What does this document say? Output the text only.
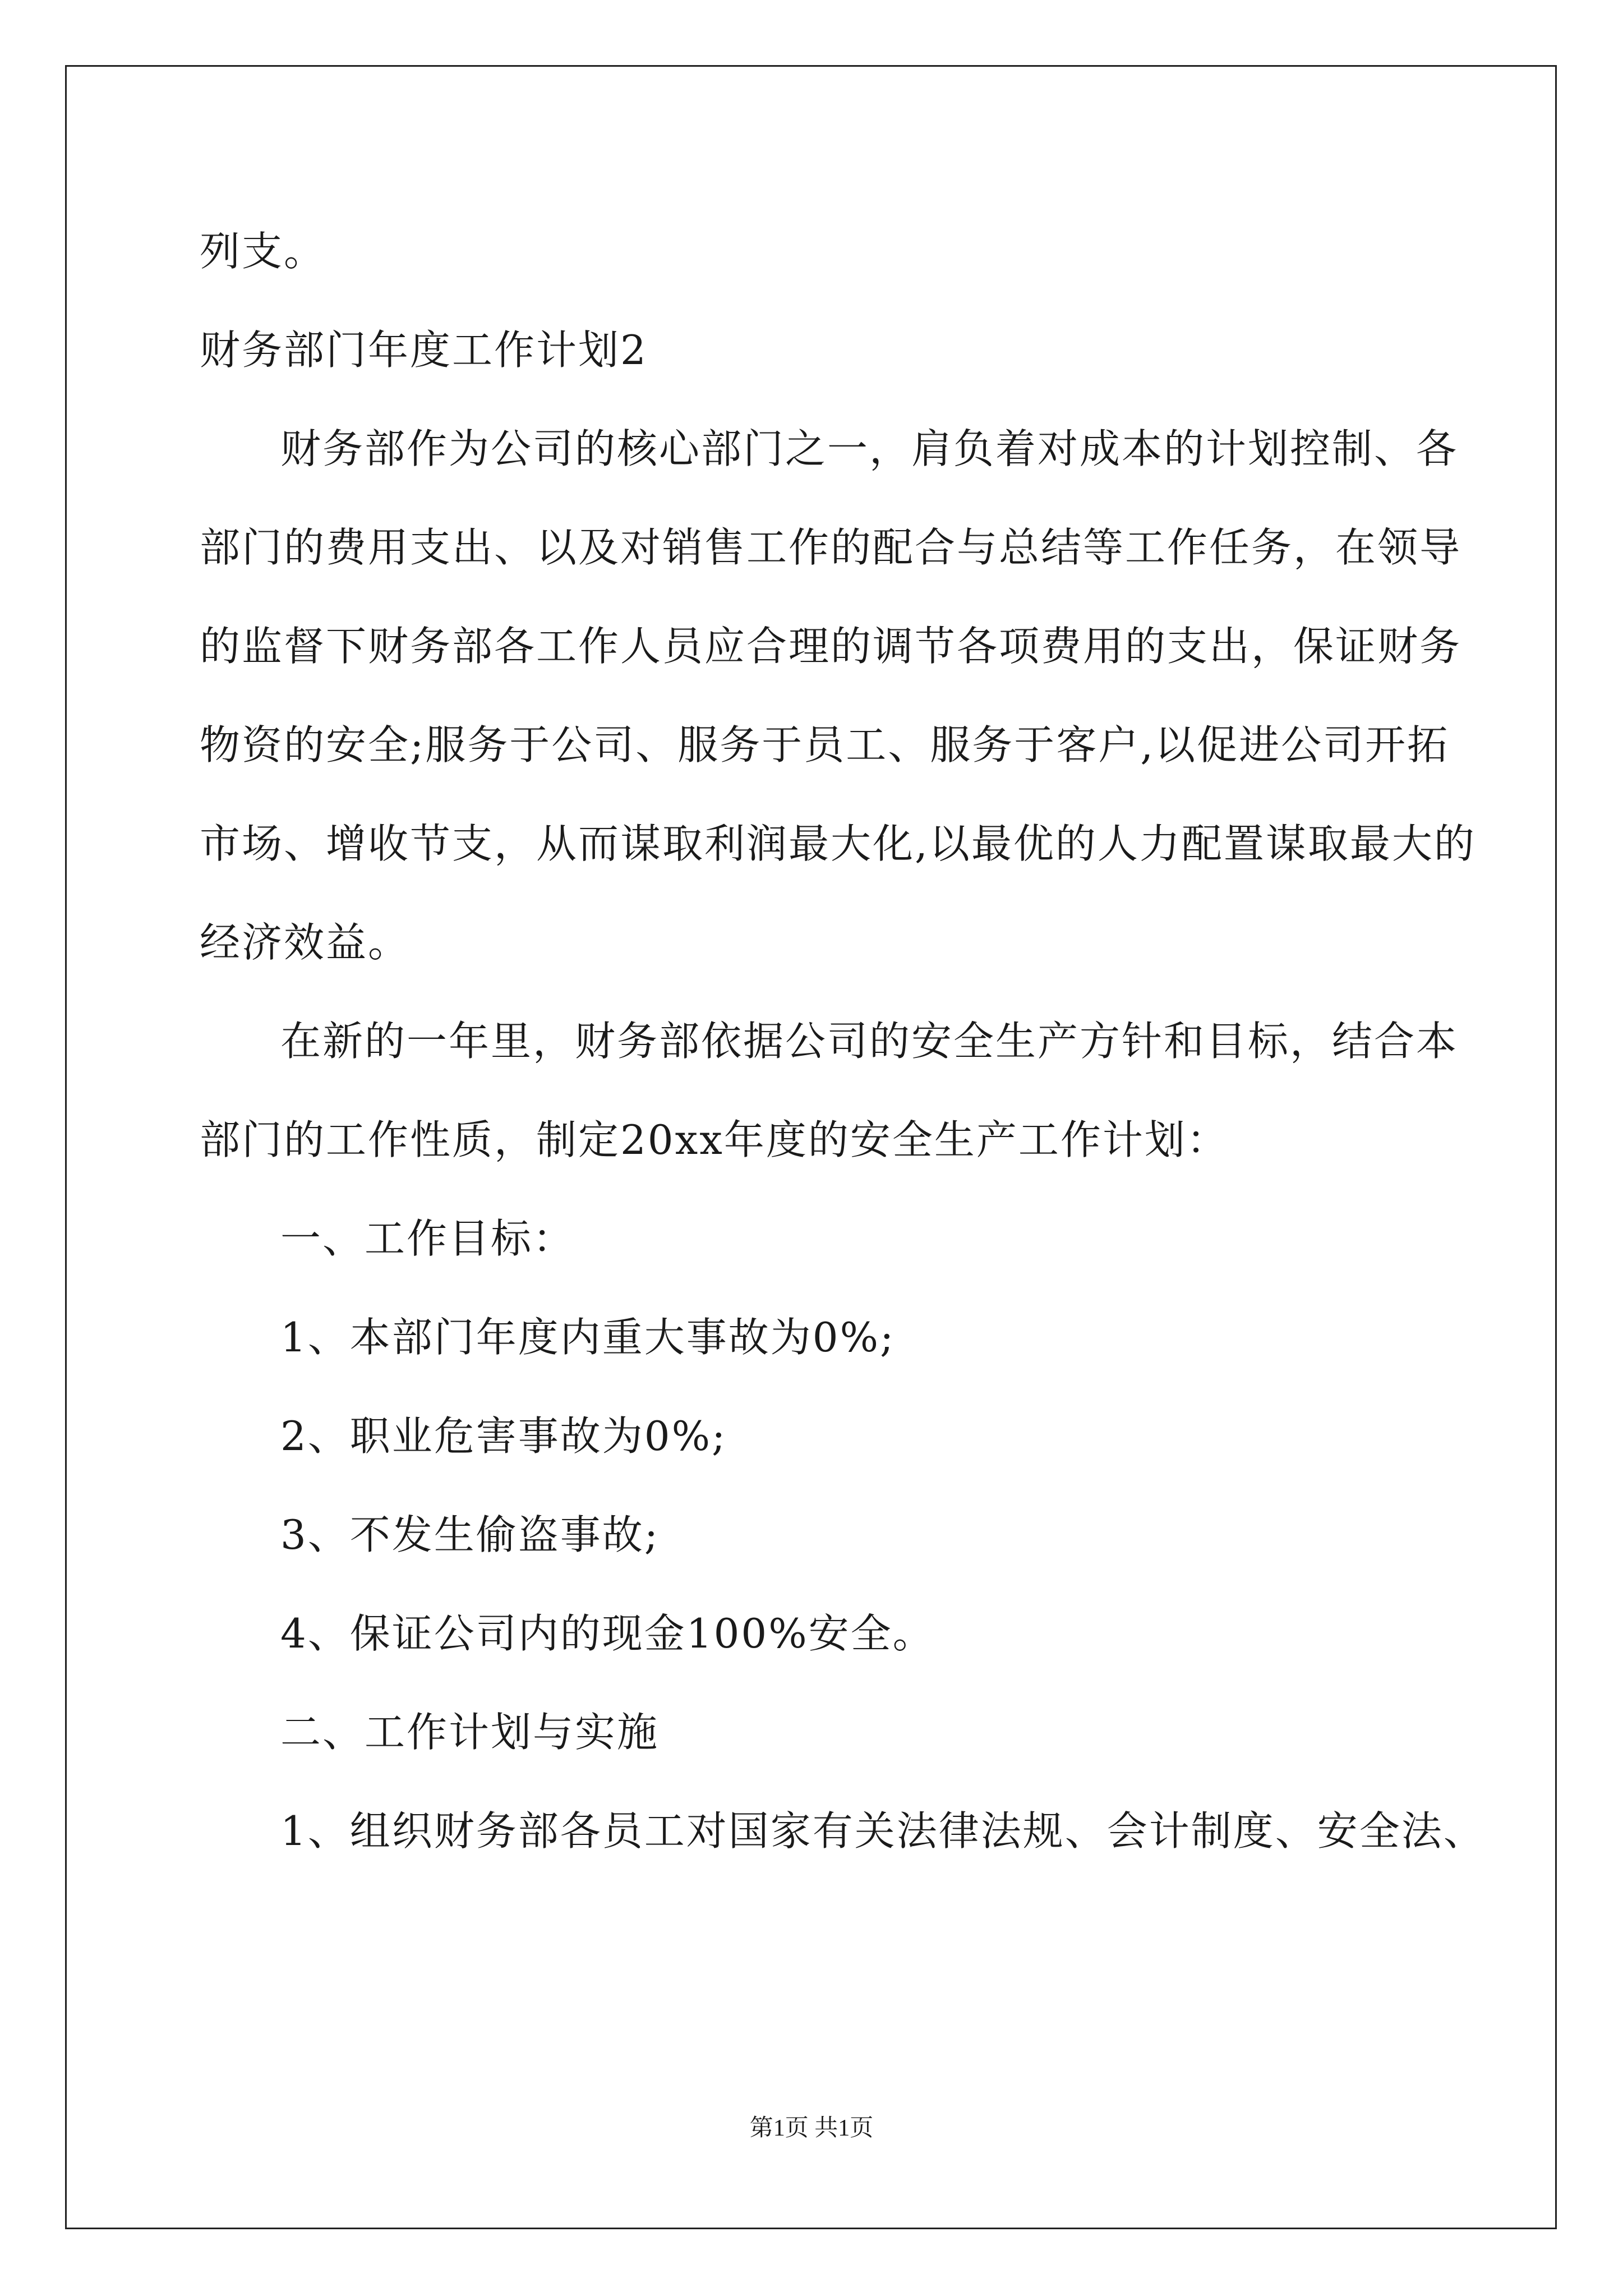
列支。
财务部门年度工作计划2
财务部作为公司的核心部门之一，肩负着对成本的计划控制、各
部门的费用支出、以及对销售工作的配合与总结等工作任务，在领导
的监督下财务部各工作人员应合理的调节各项费用的支出，保证财务
物资的安全;服务于公司、服务于员工、服务于客户,以促进公司开拓
市场、增收节支，从而谋取利润最大化,以最优的人力配置谋取最大的
经济效益。
在新的一年里，财务部依据公司的安全生产方针和目标，结合本
部门的工作性质，制定20xx年度的安全生产工作计划：
一、工作目标：
1、本部门年度内重大事故为0%;
2、职业危害事故为0%;
3、不发生偷盗事故;
4、保证公司内的现金100%安全。
二、工作计划与实施
1、组织财务部各员工对国家有关法律法规、会计制度、安全法、
第1页 共1页
